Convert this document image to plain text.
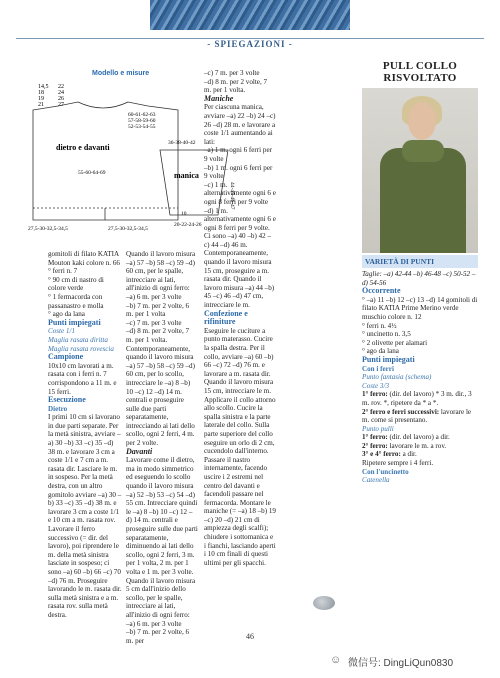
- SPIEGAZIONI -
Modello e misure
14,5
18
19
21
22
24
26
27
60-61-62-63
57-58-59-60
52-53-54-55
dietro e davanti
55-60-64-69
10
27,5-30-32,5-34,5	27,5-30-32,5-34,5
36-38-40-42
manica
44-45-46-47
20-22-24-26

gomitoli di filato KATIA Mouton kaki colore n. 66

° ferri n. 7

° 90 cm di nastro di colore verde

° 1 fermacorda con passanastro e molla

° ago da lana

Punti impiegati

Coste 1/1

Maglia rasata diritta

Maglia rasata rovescia

Campione

10x10 cm lavorati a m. rasata con i ferri n. 7 corrispondono a 11 m. e 15 ferri.

Esecuzione

Dietro

I primi 10 cm si lavorano in due parti separate. Per la metà sinistra, avviare –a) 30 –b) 33 –c) 35 –d) 38 m. e lavorare 3 cm a coste 1/1 e 7 cm a m. rasata dir. Lasciare le m. in sospeso. Per la metà destra, con un altro gomitolo avviare –a) 30 –b) 33 –c) 35 –d) 38 m. e lavorare 3 cm a coste 1/1 e 10 cm a m. rasata rov. Lavorare il ferro successivo (= dir. del lavoro), poi riprendere le m. della metà sinistra lasciate in sospeso; ci sono –a) 60 –b) 66 –c) 70 –d) 76 m. Proseguire lavorando le m. rasata dir. sulla metà sinistra e a m. rasata rov. sulla metà destra.

Quando il lavoro misura –a) 57 –b) 58 –c) 59 –d) 60 cm, per le spalle, intrecciare ai lati, all'inizio di ogni ferro:

–a) 6 m. per 3 volte

–b) 7 m. per 2 volte, 6 m. per 1 volta

–c) 7 m. per 3 volte

–d) 8 m. per 2 volte, 7 m. per 1 volta.

Contemporaneamente, quando il lavoro misura –a) 57 –b) 58 –c) 59 –d) 60 cm, per lo scollo, intrecciare le –a) 8 –b) 10 –c) 12 –d) 14 m. centrali e proseguire sulle due parti separatamente, intrecciando ai lati dello scollo, ogni 2 ferri, 4 m. per 2 volte.

Davanti

Lavorare come il dietro, ma in modo simmetrico ed eseguendo lo scollo quando il lavoro misura –a) 52 –b) 53 –c) 54 –d) 55 cm. Intrecciare quindi le –a) 8 –b) 10 –c) 12 –d) 14 m. centrali e proseguire sulle due parti separatamente, diminuendo ai lati dello scollo, ogni 2 ferri, 3 m. per 1 volta, 2 m. per 1 volta e 1 m. per 3 volte. Quando il lavoro misura 5 cm dall'inizio dello scollo, per le spalle, intrecciare ai lati, all'inizio di ogni ferro:

–a) 6 m. per 3 volte

–b) 7 m. per 2 volte, 6 m. per

–c) 7 m. per 3 volte

–d) 8 m. per 2 volte, 7 m. per 1 volta.

Maniche

Per ciascuna manica, avviare –a) 22 –b) 24 –c) 26 –d) 28 m. e lavorare a coste 1/1 aumentando ai lati:

–a) 1 m. ogni 6 ferri per 9 volte

–b) 1 m. ogni 6 ferri per 9 volte

–c) 1 m. alternativamente ogni 6 e ogni 8 ferri per 9 volte

–d) 1 m. alternativamente ogni 6 e ogni 8 ferri per 9 volte.

Ci sono –a) 40 –b) 42 –c) 44 –d) 46 m.

Contemporaneamente, quando il lavoro misura 15 cm, proseguire a m. rasata dir. Quando il lavoro misura –a) 44 –b) 45 –c) 46 –d) 47 cm, intrecciare le m.

Confezione e rifiniture

Eseguire le cuciture a punto materasso. Cucire la spalla destra. Per il collo, avviare –a) 60 –b) 66 –c) 72 –d) 76 m. e lavorare a m. rasata dir. Quando il lavoro misura 15 cm, intrecciare le m. Applicare il collo attorno allo scollo. Cucire la spalla sinistra e la parte laterale del collo. Sulla parte superiore del collo eseguire un orlo di 2 cm, cucendolo dall'interno. Passare il nastro internamente, facendo uscire i 2 estremi nel centro del davanti e facendoli passare nel fermacorda. Montare le maniche (= –a) 18 –b) 19 –c) 20 –d) 21 cm di ampiezza degli scalfi); chiudere i sottomanica e i fianchi, lasciando aperti i 10 cm finali di questi ultimi per gli spacchi.

PULL COLLO RISVOLTATO
VARIETÀ DI PUNTI

Taglie: –a) 42-44 –b) 46-48 –c) 50-52 –d) 54-56

Occorrente

° –a) 11 –b) 12 –c) 13 –d) 14 gomitoli di filato KATIA Prime Merino verde muschio colore n. 12

° ferri n. 4½

° uncinetto n. 3,5

° 2 olivette per alamari

° ago da lana

Punti impiegati

Con i ferri

Punto fantasia (schema)

Coste 3/3

1° ferro: (dir. del lavoro) * 3 m. dir., 3 m. rov. *, ripetere da * a *.

2° ferro e ferri successivi: lavorare le m. come si presentano.

Punto pulli

1° ferro: (dir. del lavoro) a dir.

2° ferro: lavorare le m. a rov.

3° e 4° ferro: a dir.

Ripetere sempre i 4 ferri.

Con l'uncinetto

Catenella

46
☺ 微信号: DingLiQun0830
